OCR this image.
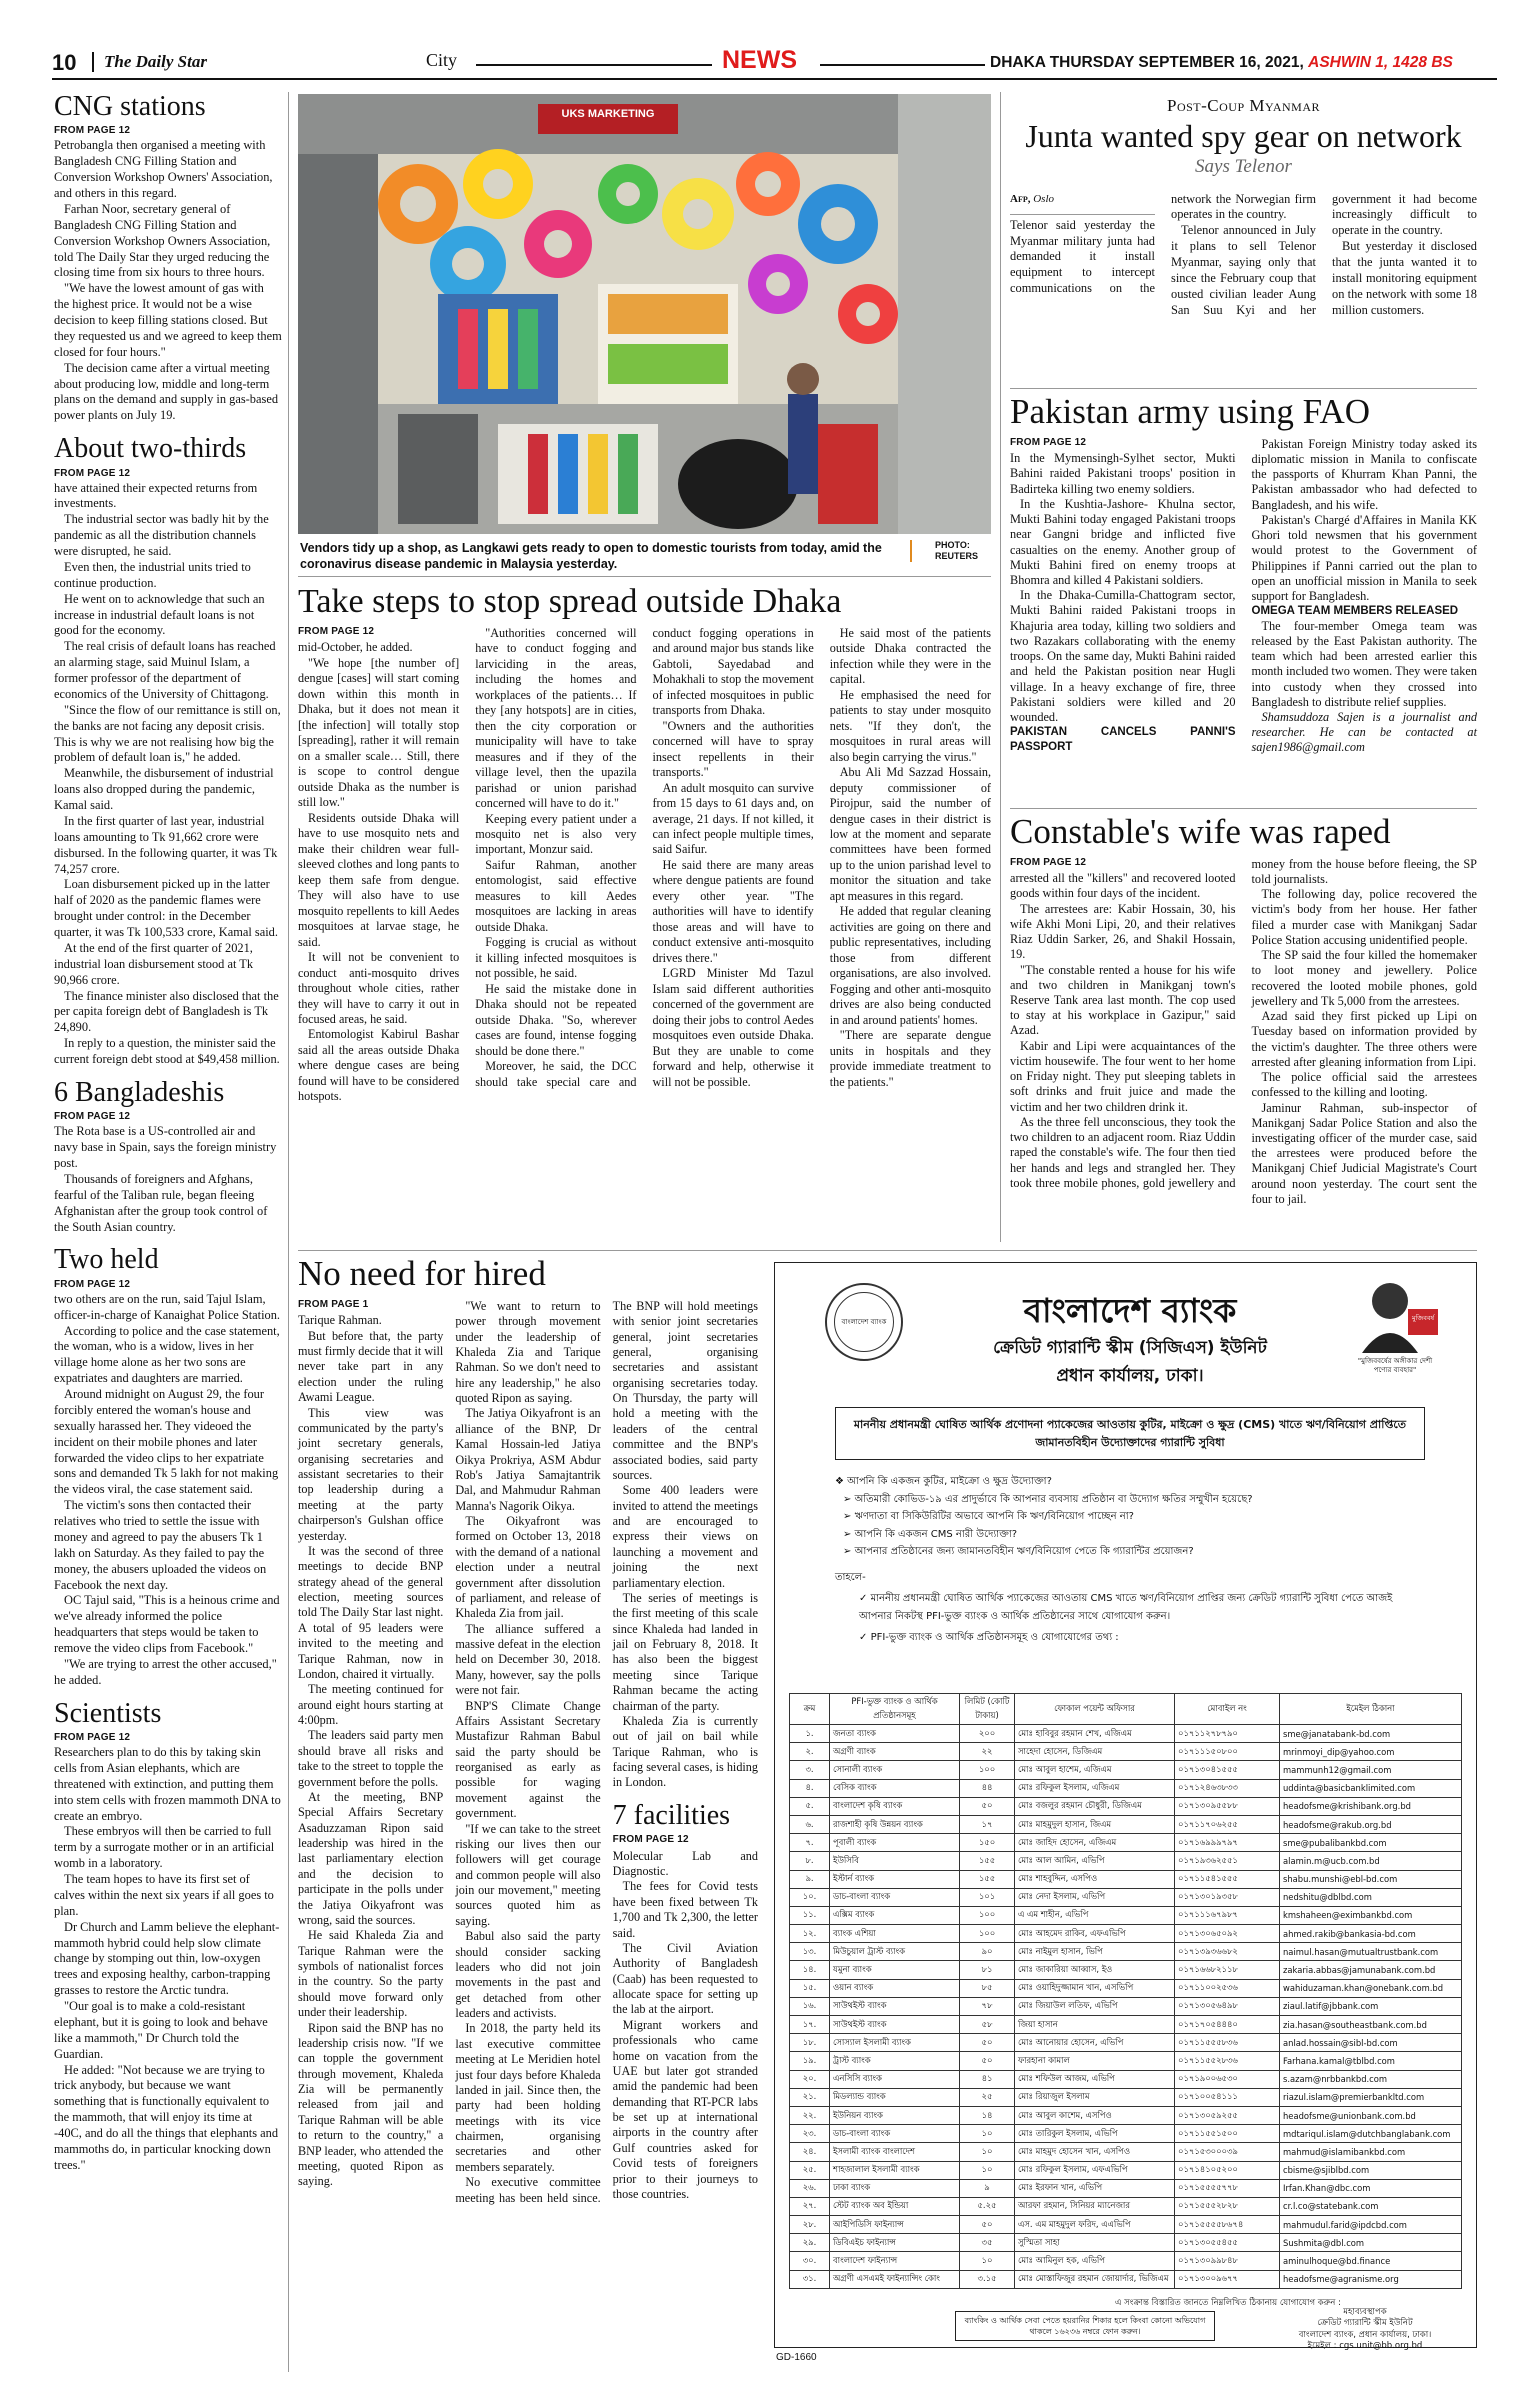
10 The Daily Star	City	NEWS	DHAKA THURSDAY SEPTEMBER 16, 2021, ASHWIN 1, 1428 BS
CNG stations
FROM PAGE 12

Petrobangla then organised a meeting with Bangladesh CNG Filling Station and Conversion Workshop Owners' Association, and others in this regard.

Farhan Noor, secretary general of Bangladesh CNG Filling Station and Conversion Workshop Owners Association, told The Daily Star they urged reducing the closing time from six hours to three hours.

"We have the lowest amount of gas with the highest price. It would not be a wise decision to keep filling stations closed. But they requested us and we agreed to keep them closed for four hours."

The decision came after a virtual meeting about producing low, middle and long-term plans on the demand and supply in gas-based power plants on July 19.

About two-thirds
FROM PAGE 12

have attained their expected returns from investments.

The industrial sector was badly hit by the pandemic as all the distribution channels were disrupted, he said.

Even then, the industrial units tried to continue production.

He went on to acknowledge that such an increase in industrial default loans is not good for the economy.

The real crisis of default loans has reached an alarming stage, said Muinul Islam, a former professor of the department of economics of the University of Chittagong.

"Since the flow of our remittance is still on, the banks are not facing any deposit crisis. This is why we are not realising how big the problem of default loan is," he added.

Meanwhile, the disbursement of industrial loans also dropped during the pandemic, Kamal said.

In the first quarter of last year, industrial loans amounting to Tk 91,662 crore were disbursed. In the following quarter, it was Tk 74,257 crore.

Loan disbursement picked up in the latter half of 2020 as the pandemic flames were brought under control: in the December quarter, it was Tk 100,533 crore, Kamal said.

At the end of the first quarter of 2021, industrial loan disbursement stood at Tk 90,966 crore.

The finance minister also disclosed that the per capita foreign debt of Bangladesh is Tk 24,890.

In reply to a question, the minister said the current foreign debt stood at $49,458 million.

6 Bangladeshis
FROM PAGE 12

The Rota base is a US-controlled air and navy base in Spain, says the foreign ministry post.

Thousands of foreigners and Afghans, fearful of the Taliban rule, began fleeing Afghanistan after the group took control of the South Asian country.

Two held
FROM PAGE 12

two others are on the run, said Tajul Islam, officer-in-charge of Kanaighat Police Station.

According to police and the case statement, the woman, who is a widow, lives in her village home alone as her two sons are expatriates and daughters are married.

Around midnight on August 29, the four forcibly entered the woman's house and sexually harassed her. They videoed the incident on their mobile phones and later forwarded the video clips to her expatriate sons and demanded Tk 5 lakh for not making the videos viral, the case statement said.

The victim's sons then contacted their relatives who tried to settle the issue with money and agreed to pay the abusers Tk 1 lakh on Saturday. As they failed to pay the money, the abusers uploaded the videos on Facebook the next day.

OC Tajul said, "This is a heinous crime and we've already informed the police headquarters that steps would be taken to remove the video clips from Facebook."

"We are trying to arrest the other accused," he added.

Scientists
FROM PAGE 12

Researchers plan to do this by taking skin cells from Asian elephants, which are threatened with extinction, and putting them into stem cells with frozen mammoth DNA to create an embryo.

These embryos will then be carried to full term by a surrogate mother or in an artificial womb in a laboratory.

The team hopes to have its first set of calves within the next six years if all goes to plan.

Dr Church and Lamm believe the elephant-mammoth hybrid could help slow climate change by stomping out thin, low-oxygen trees and exposing healthy, carbon-trapping grasses to restore the Arctic tundra.

"Our goal is to make a cold-resistant elephant, but it is going to look and behave like a mammoth," Dr Church told the Guardian.

He added: "Not because we are trying to trick anybody, but because we want something that is functionally equivalent to the mammoth, that will enjoy its time at -40C, and do all the things that elephants and mammoths do, in particular knocking down trees."

UKS MARKETING
Vendors tidy up a shop, as Langkawi gets ready to open to domestic tourists from today, amid the coronavirus disease pandemic in Malaysia yesterday.
PHOTO:
REUTERS
Take steps to stop spread outside Dhaka
FROM PAGE 12

mid-October, he added.

"We hope [the number of] dengue [cases] will start coming down within this month in Dhaka, but it does not mean it [the infection] will totally stop [spreading], rather it will remain on a smaller scale… Still, there is scope to control dengue outside Dhaka as the number is still low."

Residents outside Dhaka will have to use mosquito nets and make their children wear full-sleeved clothes and long pants to keep them safe from dengue. They will also have to use mosquito repellents to kill Aedes mosquitoes at larvae stage, he said.

It will not be convenient to conduct anti-mosquito drives throughout whole cities, rather they will have to carry it out in focused areas, he said.

Entomologist Kabirul Bashar said all the areas outside Dhaka where dengue cases are being found will have to be considered hotspots.

"Authorities concerned will have to conduct fogging and larviciding in the areas, including the homes and workplaces of the patients… If they [any hotspots] are in cities, then the city corporation or municipality will have to take measures and if they of the village level, then the upazila parishad or union parishad concerned will have to do it."

Keeping every patient under a mosquito net is also very important, Monzur said.

Saifur Rahman, another entomologist, said effective measures to kill Aedes mosquitoes are lacking in areas outside Dhaka.

Fogging is crucial as without it killing infected mosquitoes is not possible, he said.

He said the mistake done in Dhaka should not be repeated outside Dhaka. "So, wherever cases are found, intense fogging should be done there."

Moreover, he said, the DCC should take special care and conduct fogging operations in and around major bus stands like Gabtoli, Sayedabad and Mohakhali to stop the movement of infected mosquitoes in public transports from Dhaka.

"Owners and the authorities concerned will have to spray insect repellents in their transports."

An adult mosquito can survive from 15 days to 61 days and, on average, 21 days. If not killed, it can infect people multiple times, said Saifur.

He said there are many areas where dengue patients are found every other year. "The authorities will have to identify those areas and will have to conduct extensive anti-mosquito drives there."

LGRD Minister Md Tazul Islam said different authorities concerned of the government are doing their jobs to control Aedes mosquitoes even outside Dhaka. But they are unable to come forward and help, otherwise it will not be possible.

He said most of the patients outside Dhaka contracted the infection while they were in the capital.

He emphasised the need for patients to stay under mosquito nets. "If they don't, the mosquitoes in rural areas will also begin carrying the virus."

Abu Ali Md Sazzad Hossain, deputy commissioner of Pirojpur, said the number of dengue cases in their district is low at the moment and separate committees have been formed up to the union parishad level to monitor the situation and take apt measures in this regard.

He added that regular cleaning activities are going on there and public representatives, including those from different organisations, are also involved. Fogging and other anti-mosquito drives are also being conducted in and around patients' homes.

"There are separate dengue units in hospitals and they provide immediate treatment to the patients."

Post-Coup Myanmar
Junta wanted spy gear on network
Says Telenor
Afp, Oslo

Telenor said yesterday the Myanmar military junta had demanded it install equipment to intercept communications on the network the Norwegian firm operates in the country.

Telenor announced in July it plans to sell Telenor Myanmar, saying only that since the February coup that ousted civilian leader Aung San Suu Kyi and her government it had become increasingly difficult to operate in the country.

But yesterday it disclosed that the junta wanted it to install monitoring equipment on the network with some 18 million customers.

Pakistan army using FAO
FROM PAGE 12

In the Mymensingh-Sylhet sector, Mukti Bahini raided Pakistani troops' position in Badirteka killing two enemy soldiers.

In the Kushtia-Jashore- Khulna sector, Mukti Bahini today engaged Pakistani troops near Gangni bridge and inflicted five casualties on the enemy. Another group of Mukti Bahini fired on enemy troops at Bhomra and killed 4 Pakistani soldiers.

In the Dhaka-Cumilla-Chattogram sector, Mukti Bahini raided Pakistani troops in Khajuria area today, killing two soldiers and two Razakars collaborating with the enemy troops. On the same day, Mukti Bahini raided and held the Pakistan position near Hugli village. In a heavy exchange of fire, three Pakistani soldiers were killed and 20 wounded.

PAKISTAN CANCELS PANNI'S PASSPORT

Pakistan Foreign Ministry today asked its diplomatic mission in Manila to confiscate the passports of Khurram Khan Panni, the Pakistan ambassador who had defected to Bangladesh, and his wife.

Pakistan's Chargé d'Affaires in Manila KK Ghori told newsmen that his government would protest to the Government of Philippines if Panni carried out the plan to open an unofficial mission in Manila to seek support for Bangladesh.

OMEGA TEAM MEMBERS RELEASED

The four-member Omega team was released by the East Pakistan authority. The team which had been arrested earlier this month included two women. They were taken into custody when they crossed into Bangladesh to distribute relief supplies.

Shamsuddoza Sajen is a journalist and researcher. He can be contacted at sajen1986@gmail.com

Constable's wife was raped
FROM PAGE 12

arrested all the "killers" and recovered looted goods within four days of the incident.

The arrestees are: Kabir Hossain, 30, his wife Akhi Moni Lipi, 20, and their relatives Riaz Uddin Sarker, 26, and Shakil Hossain, 19.

"The constable rented a house for his wife and two children in Manikganj town's Reserve Tank area last month. The cop used to stay at his workplace in Gazipur," said Azad.

Kabir and Lipi were acquaintances of the victim housewife. The four went to her home on Friday night. They put sleeping tablets in soft drinks and fruit juice and made the victim and her two children drink it.

As the three fell unconscious, they took the two children to an adjacent room. Riaz Uddin raped the constable's wife. The four then tied her hands and legs and strangled her. They took three mobile phones, gold jewellery and money from the house before fleeing, the SP told journalists.

The following day, police recovered the victim's body from her house. Her father filed a murder case with Manikganj Sadar Police Station accusing unidentified people.

The SP said the four killed the homemaker to loot money and jewellery. Police recovered the looted mobile phones, gold jewellery and Tk 5,000 from the arrestees.

Azad said they first picked up Lipi on Tuesday based on information provided by the victim's daughter. The three others were arrested after gleaning information from Lipi.

The police official said the arrestees confessed to the killing and looting.

Jaminur Rahman, sub-inspector of Manikganj Sadar Police Station and also the investigating officer of the murder case, said the arrestees were produced before the Manikganj Chief Judicial Magistrate's Court around noon yesterday. The court sent the four to jail.

No need for hired
FROM PAGE 1

Tarique Rahman.

But before that, the party must firmly decide that it will never take part in any election under the ruling Awami League.

This view was communicated by the party's joint secretary generals, organising secretaries and assistant secretaries to their top leadership during a meeting at the party chairperson's Gulshan office yesterday.

It was the second of three meetings to decide BNP strategy ahead of the general election, meeting sources told The Daily Star last night. A total of 95 leaders were invited to the meeting and Tarique Rahman, now in London, chaired it virtually.

The meeting continued for around eight hours starting at 4:00pm.

The leaders said party men should brave all risks and take to the street to topple the government before the polls.

At the meeting, BNP Special Affairs Secretary Asaduzzaman Ripon said leadership was hired in the last parliamentary election and the decision to participate in the polls under the Jatiya Oikyafront was wrong, said the sources.

He said Khaleda Zia and Tarique Rahman were the symbols of nationalist forces in the country. So the party should move forward only under their leadership.

Ripon said the BNP has no leadership crisis now. "If we can topple the government through movement, Khaleda Zia will be permanently released from jail and Tarique Rahman will be able to return to the country," a BNP leader, who attended the meeting, quoted Ripon as saying.

"We want to return to power through movement under the leadership of Khaleda Zia and Tarique Rahman. So we don't need to hire any leadership," he also quoted Ripon as saying.

The Jatiya Oikyafront is an alliance of the BNP, Dr Kamal Hossain-led Jatiya Oikya Prokriya, ASM Abdur Rob's Jatiya Samajtantrik Dal, and Mahmudur Rahman Manna's Nagorik Oikya.

The Oikyafront was formed on October 13, 2018 with the demand of a national election under a neutral government after dissolution of parliament, and release of Khaleda Zia from jail.

The alliance suffered a massive defeat in the election held on December 30, 2018. Many, however, say the polls were not fair.

BNP'S Climate Change Affairs Assistant Secretary Mustafizur Rahman Babul said the party should be reorganised as early as possible for waging movement against the government.

"If we can take to the street risking our lives then our followers will get courage and common people will also join our movement," meeting sources quoted him as saying.

Babul also said the party should consider sacking leaders who did not join movements in the past and get detached from other leaders and activists.

In 2018, the party held its last executive committee meeting at Le Meridien hotel just four days before Khaleda landed in jail. Since then, the party had been holding meetings with its vice chairmen, organising secretaries and other members separately.

No executive committee meeting has been held since. The BNP will hold meetings with senior joint secretaries general, joint secretaries general, organising secretaries and assistant organising secretaries today. On Thursday, the party will hold a meeting with the leaders of the central committee and the BNP's associated bodies, said party sources.

Some 400 leaders were invited to attend the meetings and are encouraged to express their views on launching a movement and joining the next parliamentary election.

The series of meetings is the first meeting of this scale since Khaleda had landed in jail on February 8, 2018. It has also been the biggest meeting since Tarique Rahman became the acting chairman of the party.

Khaleda Zia is currently out of jail on bail while Tarique Rahman, who is facing several cases, is hiding in London.

7 facilities
FROM PAGE 12

Molecular Lab and Diagnostic.

The fees for Covid tests have been fixed between Tk 1,700 and Tk 2,300, the letter said.

The Civil Aviation Authority of Bangladesh (Caab) has been requested to allocate space for setting up the lab at the airport.

Migrant workers and professionals who came home on vacation from the UAE but later got stranded amid the pandemic had been demanding that RT-PCR labs be set up at international airports in the country after Gulf countries asked for Covid tests of foreigners prior to their journeys to those countries.

বাংলাদেশ ব্যাংক	মুজিববর্ষ
"মুজিববর্ষের অঙ্গীকার দেশী পণ্যের ব্যবহার"
বাংলাদেশ ব্যাংক
ক্রেডিট গ্যারান্টি স্কীম (সিজিএস) ইউনিট
প্রধান কার্যালয়, ঢাকা।
মাননীয় প্রধানমন্ত্রী ঘোষিত আর্থিক প্রণোদনা প্যাকেজের আওতায় কুটির, মাইক্রো ও ক্ষুদ্র (CMS) খাতে ঋণ/বিনিয়োগ প্রাপ্তিতে জামানতবিহীন উদ্যোক্তাদের গ্যারান্টি সুবিধা
❖ আপনি কি একজন কুটির, মাইক্রো ও ক্ষুদ্র উদ্যোক্তা?
➢ অতিমারী কোভিড-১৯ এর প্রাদুর্ভাবে কি আপনার ব্যবসায় প্রতিষ্ঠান বা উদ্যোগ ক্ষতির সম্মুখীন হয়েছে?
➢ ঋণদাতা বা সিকিউরিটির অভাবে আপনি কি ঋণ/বিনিয়োগ পাচ্ছেন না?
➢ আপনি কি একজন CMS নারী উদ্যোক্তা?
➢ আপনার প্রতিষ্ঠানের জন্য জামানতবিহীন ঋণ/বিনিয়োগ পেতে কি গ্যারান্টির প্রয়োজন?
তাহলে-
✓ মাননীয় প্রধানমন্ত্রী ঘোষিত আর্থিক প্যাকেজের আওতায় CMS খাতে ঋণ/বিনিয়োগ প্রাপ্তির জন্য ক্রেডিট গ্যারান্টি সুবিধা পেতে আজই আপনার নিকটস্থ PFI-ভুক্ত ব্যাংক ও আর্থিক প্রতিষ্ঠানের সাথে যোগাযোগ করুন।
✓ PFI-ভুক্ত ব্যাংক ও আর্থিক প্রতিষ্ঠানসমূহ ও যোগাযোগের তথ্য :
ক্রম	PFI-ভুক্ত ব্যাংক ও আর্থিক প্রতিষ্ঠানসমূহ	লিমিট (কোটি টাকায়)	ফোকাল পয়েন্ট অফিসার	মোবাইল নং	ইমেইল ঠিকানা
১.	জনতা ব্যাংক	২০০	মোঃ হাবিবুর রহমান শেখ, এজিএম	০১৭১১২৭৮৭৯০	sme@janatabank-bd.com
২.	অগ্রণী ব্যাংক	২২	সাহেদা হোসেন, ডিজিএম	০১৭১১১৫০৮০০	mrinmoyi_dip@yahoo.com
৩.	সোনালী ব্যাংক	১০০	মোঃ আবুল হাশেম, এজিএম	০১৭১৩০৪১৫৫৫	mammunh12@gmail.com
৪.	বেসিক ব্যাংক	৪৪	মোঃ রফিকুল ইসলাম, এজিএম	০১৭১২৪৬৩৮৩৩	uddinta@basicbanklimited.com
৫.	বাংলাদেশ কৃষি ব্যাংক	৫০	মোঃ বজলুর রহমান চৌধুরী, ডিজিএম	০১৭১৩০৯৫৫৮৮	headofsme@krishibank.org.bd
৬.	রাজশাহী কৃষি উন্নয়ন ব্যাংক	১৭	মোঃ মাহমুদুল হাসান, জিএম	০১৭১১৭০৬২৫৫	headofsme@rakub.org.bd
৭.	পূবালী ব্যাংক	১৫০	মোঃ জাহিদ হোসেন, এজিএম	০১৭১৬৯৯৯৭৯৭	sme@pubalibankbd.com
৮.	ইউসিবি	১৫৫	মোঃ আল আমিন, এভিপি	০১৭১৯৩৬২৫৫১	alamin.m@ucb.com.bd
৯.	ইস্টার্ন ব্যাংক	১৫৫	মোঃ শাহবুদ্দিন, এসপিও	০১৭১১৫৪১৫৫৫	shabu.munshi@ebl-bd.com
১০.	ডাচ-বাংলা ব্যাংক	১০১	মোঃ নেদা ইসলাম, এভিপি	০১৭১৩০১৯৩৫৮	nedshitu@dblbd.com
১১.	এক্সিম ব্যাংক	১০০	এ এম শাহীন, এভিপি	০১৭১১১৬৭৯৮৭	kmshaheen@eximbankbd.com
১২.	ব্যাংক এশিয়া	১০০	মোঃ আহমেদ রাকিব, এফএভিপি	০১৭১৩০৬৫০৯২	ahmed.rakib@bankasia-bd.com
১৩.	মিউচুয়াল ট্রাস্ট ব্যাংক	৯০	মোঃ নাইমুল হাসান, ভিপি	০১৭১৩৯৩৬৬৮২	naimul.hasan@mutualtrustbank.com
১৪.	যমুনা ব্যাংক	৮১	মোঃ জাকারিয়া আব্বাস, ইও	০১৭১৬৬৮২১১৮	zakaria.abbas@jamunabank.com.bd
১৫.	ওয়ান ব্যাংক	৮৫	মোঃ ওয়াহিদুজ্জামান খান, এসভিপি	০১৭১১০০২৫৩৬	wahiduzaman.khan@onebank.com.bd
১৬.	সাউথইস্ট ব্যাংক	৭৮	মোঃ জিয়াউল লতিফ, এভিপি	০১৭১৩০৫৬৪৯৮	ziaul.latif@jbbank.com
১৭.	সাউথইস্ট ব্যাংক	৫৮	জিয়া হাসান	০১৭১৭০৫৪৪৪০	zia.hasan@southeastbank.com.bd
১৮.	সোস্যাল ইসলামী ব্যাংক	৫০	মোঃ আনোয়ার হোসেন, এভিপি	০১৭১১৫৫৫৮৩৬	anlad.hossain@sibl-bd.com
১৯.	ট্রাস্ট ব্যাংক	৫০	ফারহানা কামাল	০১৭১১৫৫২৮৩৬	Farhana.kamal@tblbd.com
২০.	এনসিসি ব্যাংক	৪১	মোঃ শফিউল আজম, এভিপি	০১৭১৯০০৬৫৩০	s.azam@nrbbankbd.com
২১.	মিডল্যান্ড ব্যাংক	২৫	মোঃ রিয়াজুল ইসলাম	০১৭১০০৫৪১১১	riazul.islam@premierbankltd.com
২২.	ইউনিয়ন ব্যাংক	১৪	মোঃ আবুল কাশেম, এসপিও	০১৭১৩০৫৯২৫৫	headofsme@unionbank.com.bd
২৩.	ডাচ-বাংলা ব্যাংক	১০	মোঃ তারিকুল ইসলাম, এভিপি	০১৭১১৫৫১৫০০	mdtariqul.islam@dutchbanglabank.com
২৪.	ইসলামী ব্যাংক বাংলাদেশ	১০	মোঃ মাহমুদ হোসেন খান, এসপিও	০১৭১৫৩০০০৩৯	mahmud@islamibankbd.com
২৫.	শাহজালাল ইসলামী ব্যাংক	১০	মোঃ রফিকুল ইসলাম, এফএভিপি	০১৭১৪১০৫২০০	cbisme@sjiblbd.com
২৬.	ঢাকা ব্যাংক	৯	মোঃ ইরফান খান, এভিপি	০১৭১৫৫৫৫৭৭৮	Irfan.Khan@dbc.com
২৭.	স্টেট ব্যাংক অব ইন্ডিয়া	৫.২৫	আরফা রহমান, সিনিয়র ম্যানেজার	০১৭১৫৫৫২৮২৮	cr.l.co@statebank.com
২৮.	আইপিডিসি ফাইন্যান্স	৫০	এস. এম মাহমুদুল ফরিদ, এএভিপি	০১৭১৫৫৫৫৮৬৭৪	mahmudul.farid@ipdcbd.com
২৯.	ডিবিএইচ ফাইন্যান্স	৩৫	সুস্মিতা সাহা	০১৭১৩০৫৫৪৫৫	Sushmita@dbl.com
৩০.	বাংলাদেশ ফাইন্যান্স	১০	মোঃ আমিনুল হক, এভিপি	০১৭১৩০৯৯৮৪৮	aminulhoque@bd.finance
৩১.	অগ্রণী এসএমই ফাইন্যান্সিং কোং	৩.১৫	মোঃ মোস্তাফিজুর রহমান জোয়ার্দার, ভিজিএম	০১৭১৩০০৯৬৭৭	headofsme@agranisme.org
এ সংক্রান্ত বিস্তারিত জানতে নিম্নলিখিত ঠিকানায় যোগাযোগ করুন :
ব্যাংকিং ও আর্থিক সেবা পেতে হয়রানির শিকার হলে কিংবা কোনো অভিযোগ থাকলে ১৬২৩৬ নম্বরে ফোন করুন।
মহাব্যবস্থাপক
ক্রেডিট গ্যারান্টি স্কীম ইউনিট
বাংলাদেশ ব্যাংক, প্রধান কার্যালয়, ঢাকা।
ইমেইল : cgs.unit@bb.org.bd
GD-1660
